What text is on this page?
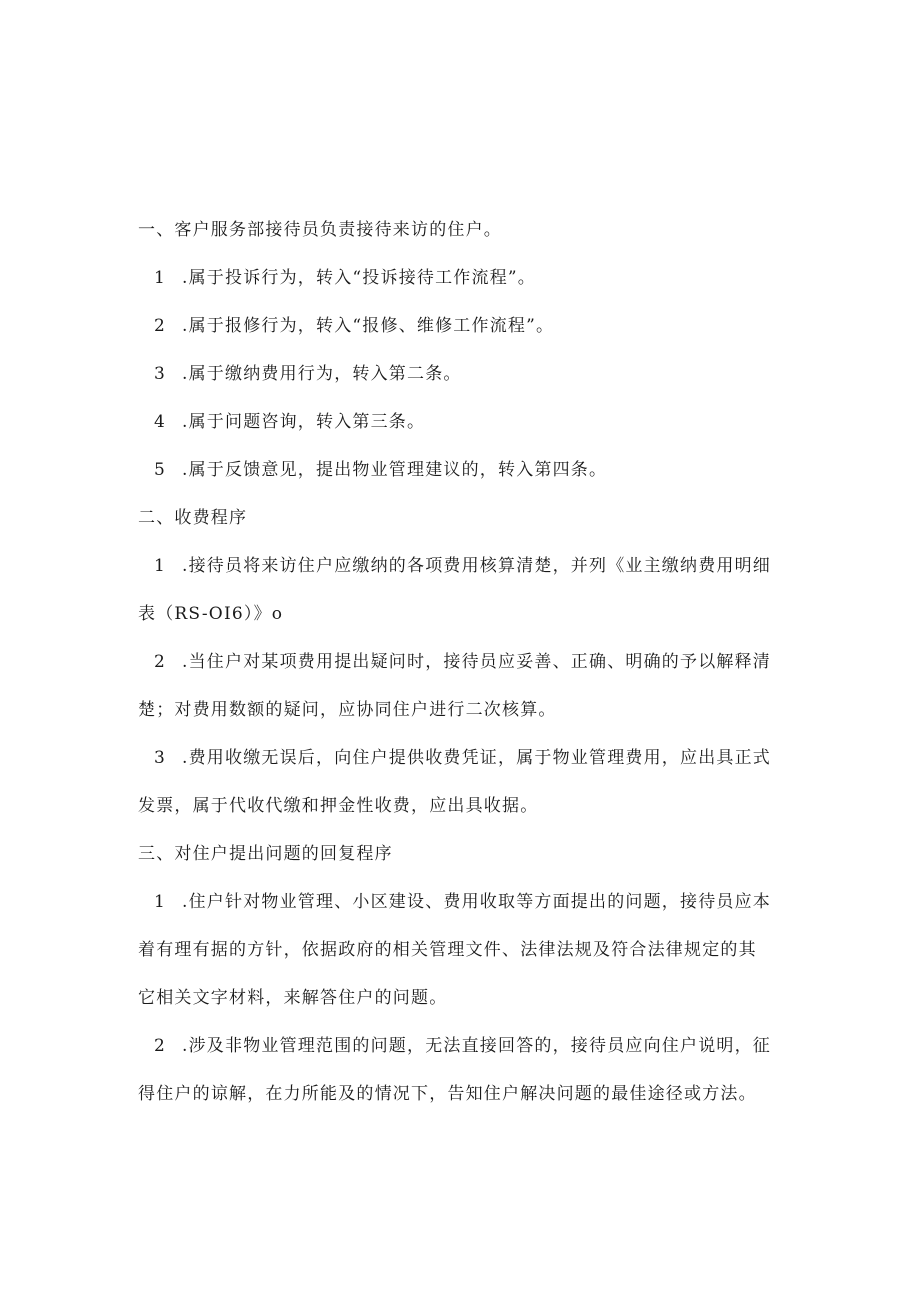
一、客户服务部接待员负责接待来访的住户。
1 .属于投诉行为，转入“投诉接待工作流程”。
2 .属于报修行为，转入“报修、维修工作流程”。
3 .属于缴纳费用行为，转入第二条。
4 .属于问题咨询，转入第三条。
5 .属于反馈意见，提出物业管理建议的，转入第四条。
二、收费程序
1 .接待员将来访住户应缴纳的各项费用核算清楚，并列《业主缴纳费用明细
表（RS-OI6）》o
2 .当住户对某项费用提出疑问时，接待员应妥善、正确、明确的予以解释清
楚；对费用数额的疑问，应协同住户进行二次核算。
3 .费用收缴无误后，向住户提供收费凭证，属于物业管理费用，应出具正式
发票，属于代收代缴和押金性收费，应出具收据。
三、对住户提出问题的回复程序
1 .住户针对物业管理、小区建设、费用收取等方面提出的问题，接待员应本
着有理有据的方针，依据政府的相关管理文件、法律法规及符合法律规定的其
它相关文字材料，来解答住户的问题。
2 .涉及非物业管理范围的问题，无法直接回答的，接待员应向住户说明，征
得住户的谅解，在力所能及的情况下，告知住户解决问题的最佳途径或方法。
